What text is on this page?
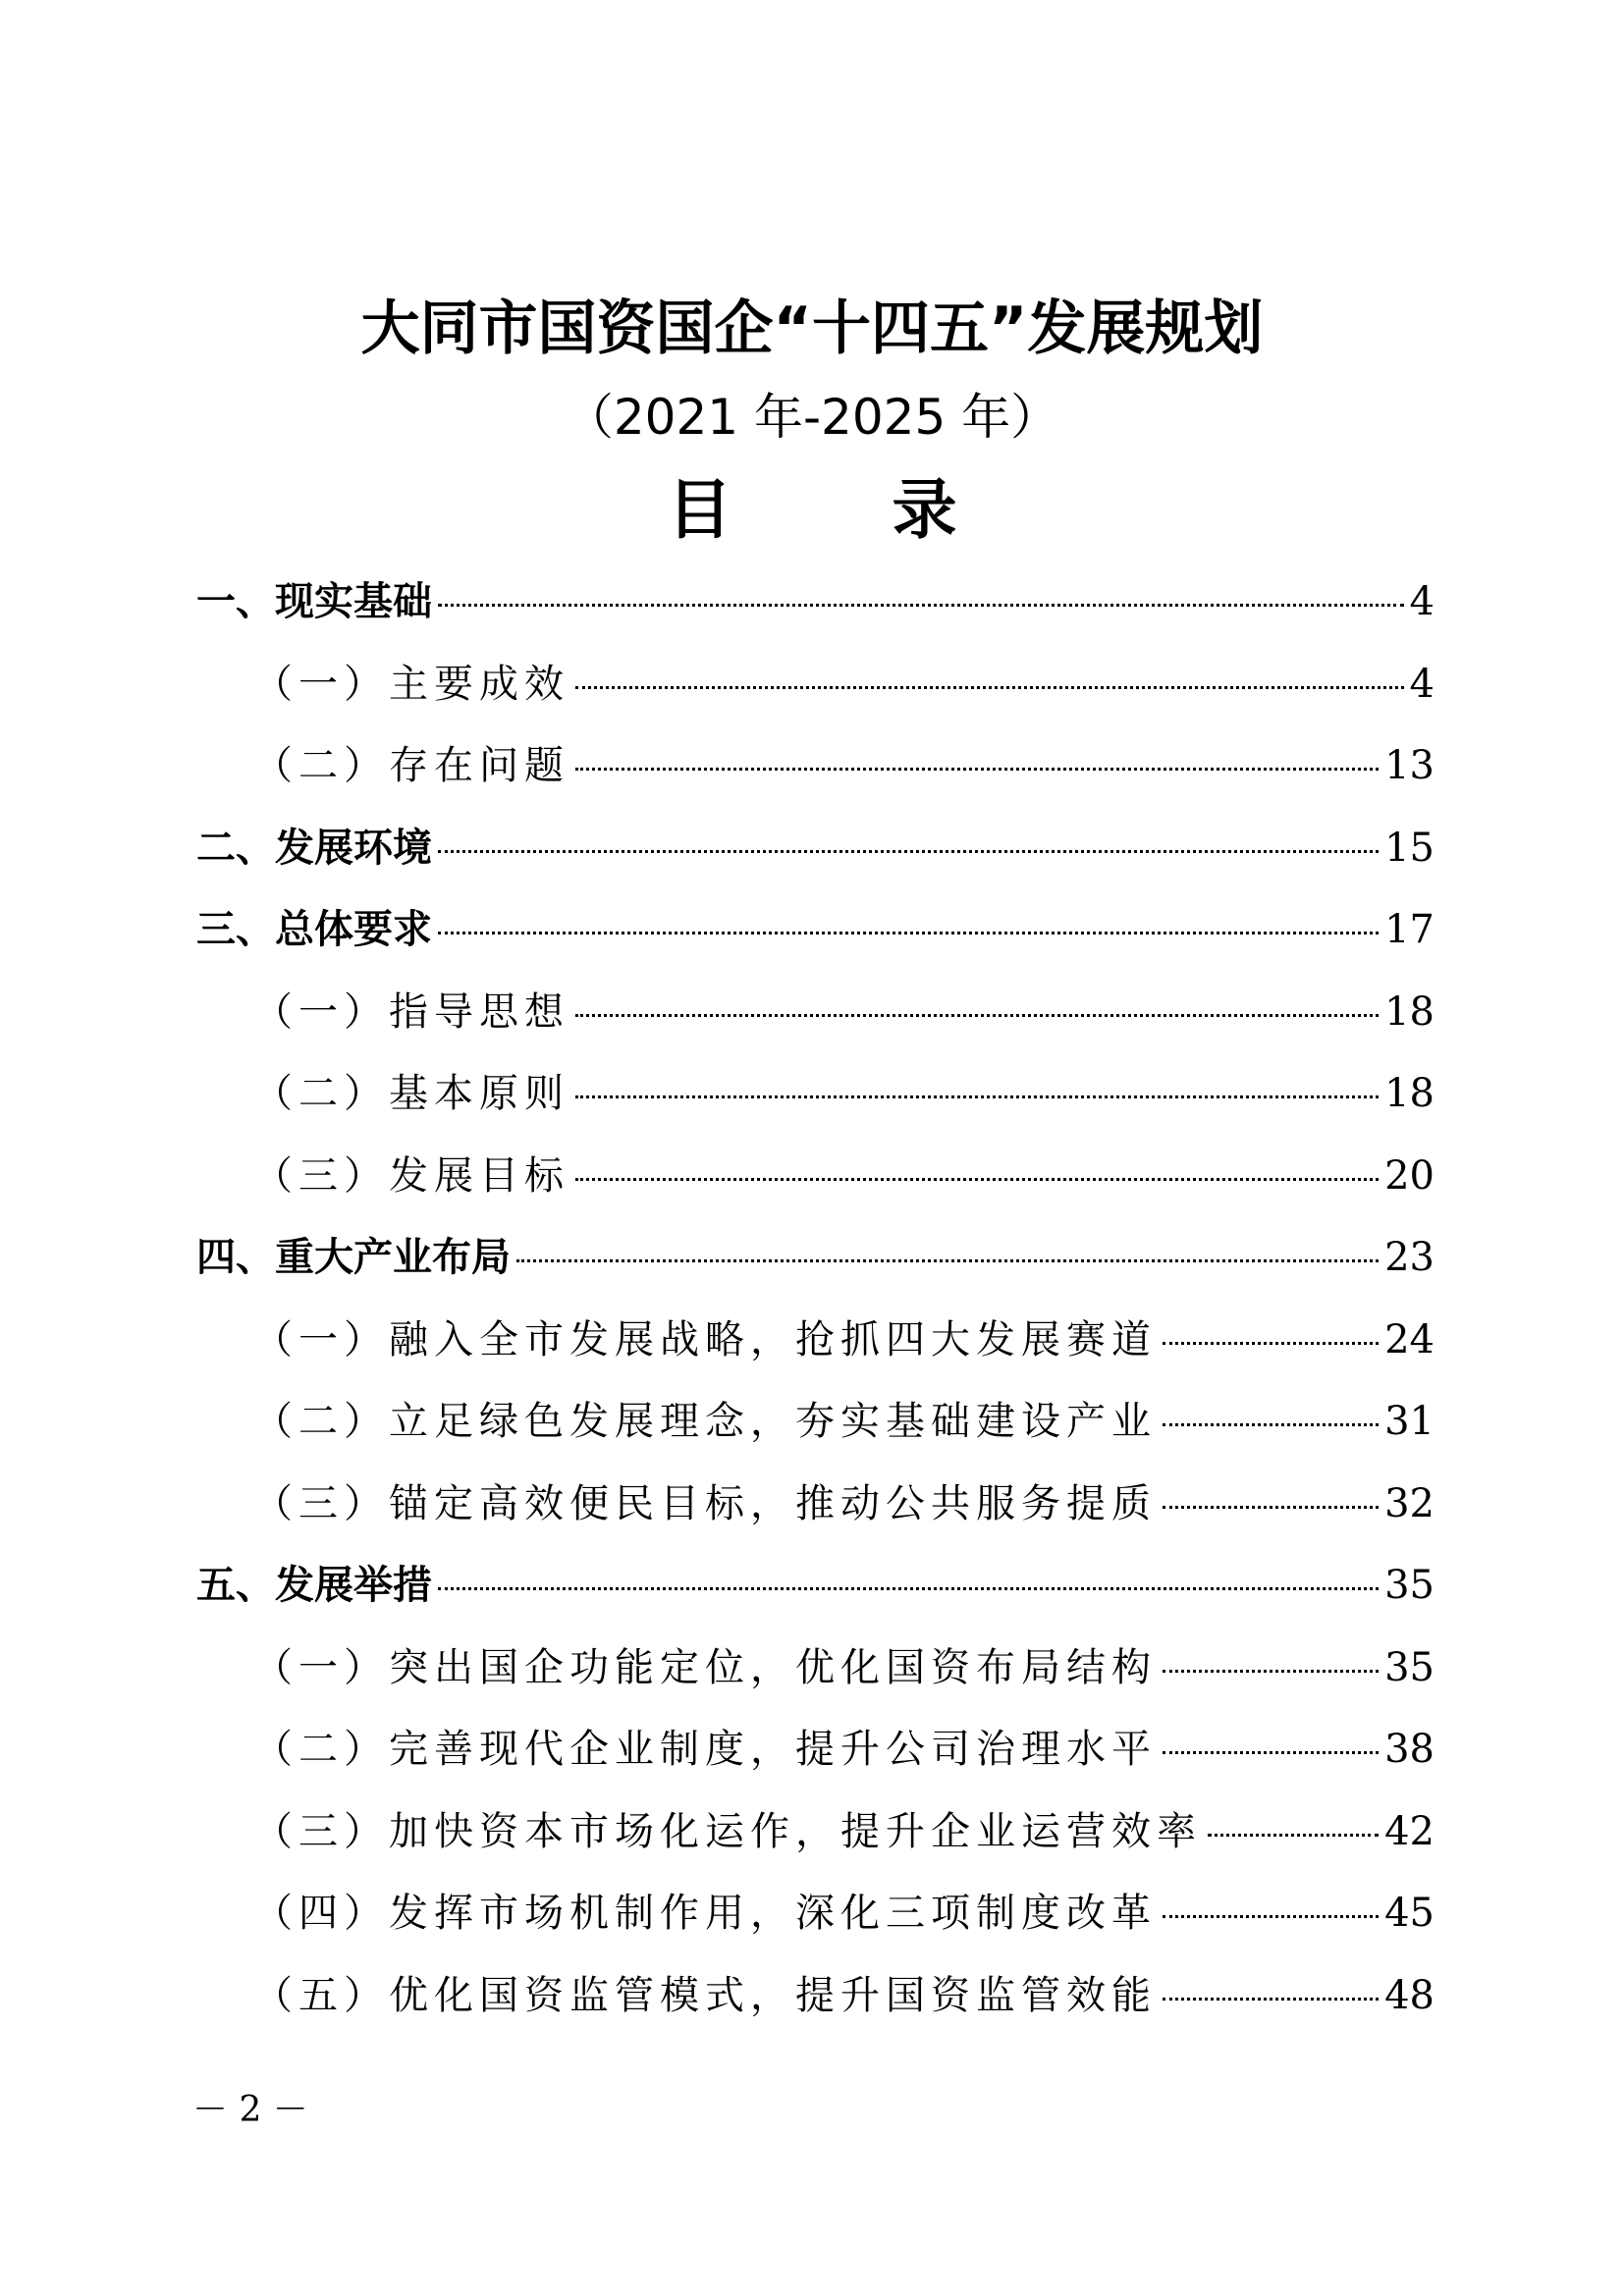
大同市国资国企“十四五”发展规划
（2021 年-2025 年）
目 录
一、现实基础	4
（一）主要成效	4
（二）存在问题	13
二、发展环境	15
三、总体要求	17
（一）指导思想	18
（二）基本原则	18
（三）发展目标	20
四、重大产业布局	23
（一）融入全市发展战略，抢抓四大发展赛道	24
（二）立足绿色发展理念，夯实基础建设产业	31
（三）锚定高效便民目标，推动公共服务提质	32
五、发展举措	35
（一）突出国企功能定位，优化国资布局结构	35
（二）完善现代企业制度，提升公司治理水平	38
（三）加快资本市场化运作，提升企业运营效率	42
（四）发挥市场机制作用，深化三项制度改革	45
（五）优化国资监管模式，提升国资监管效能	48
－ 2 －
